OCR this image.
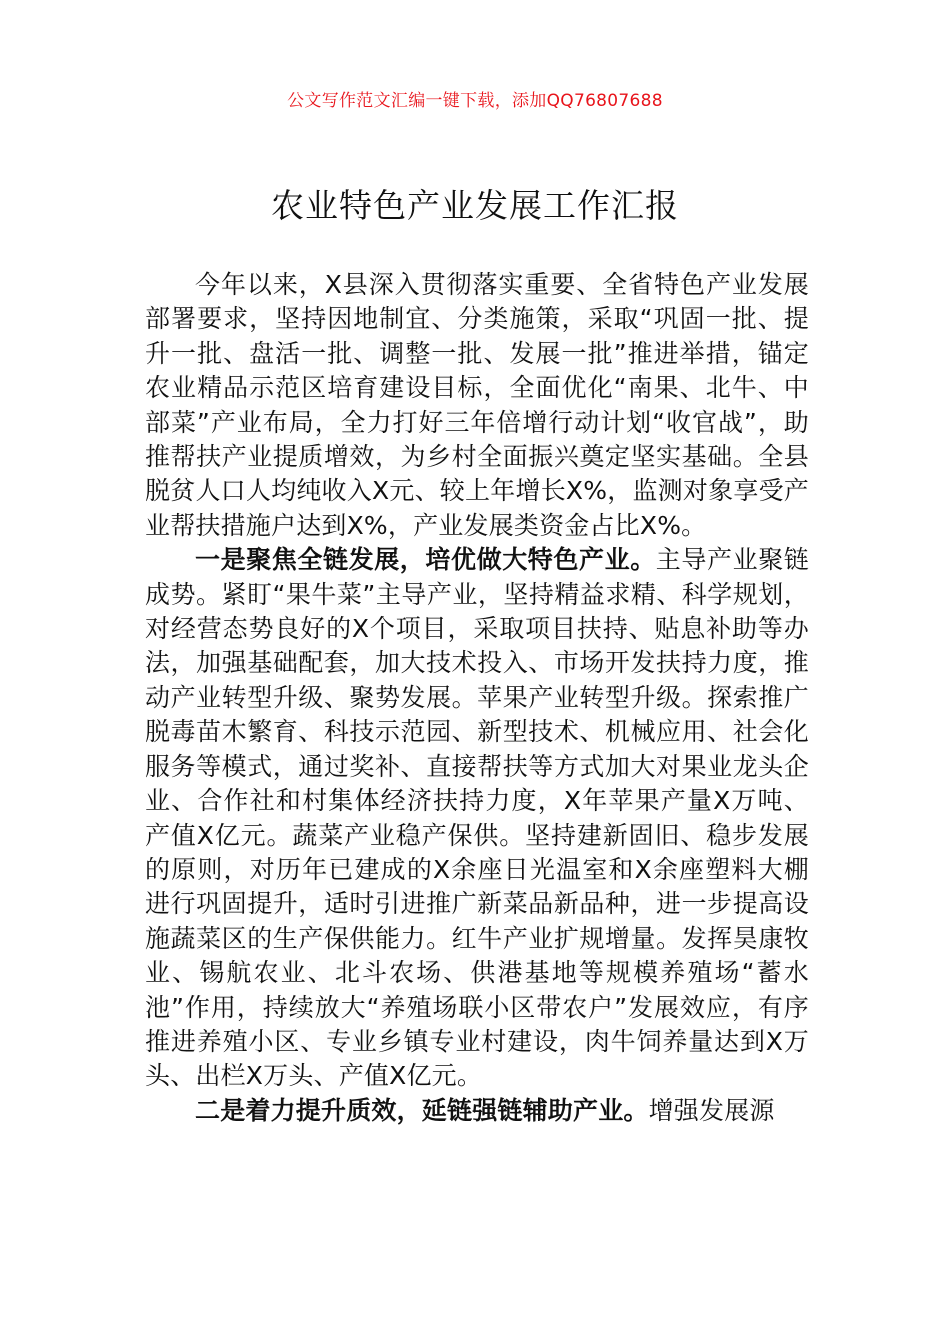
公文写作范文汇编一键下载，添加QQ76807688
农业特色产业发展工作汇报

今年以来，X县深入贯彻落实重要、全省特色产业发展部署要求，坚持因地制宜、分类施策，采取“巩固一批、提升一批、盘活一批、调整一批、发展一批”推进举措，锚定农业精品示范区培育建设目标，全面优化“南果、北牛、中部菜”产业布局，全力打好三年倍增行动计划“收官战”，助推帮扶产业提质增效，为乡村全面振兴奠定坚实基础。全县脱贫人口人均纯收入X元、较上年增长X%，监测对象享受产业帮扶措施户达到X%，产业发展类资金占比X%。

一是聚焦全链发展，培优做大特色产业。主导产业聚链成势。紧盯“果牛菜”主导产业，坚持精益求精、科学规划，对经营态势良好的X个项目，采取项目扶持、贴息补助等办法，加强基础配套，加大技术投入、市场开发扶持力度，推动产业转型升级、聚势发展。苹果产业转型升级。探索推广脱毒苗木繁育、科技示范园、新型技术、机械应用、社会化服务等模式，通过奖补、直接帮扶等方式加大对果业龙头企业、合作社和村集体经济扶持力度，X年苹果产量X万吨、产值X亿元。蔬菜产业稳产保供。坚持建新固旧、稳步发展的原则，对历年已建成的X余座日光温室和X余座塑料大棚进行巩固提升，适时引进推广新菜品新品种，进一步提高设施蔬菜区的生产保供能力。红牛产业扩规增量。发挥昊康牧业、锡航农业、北斗农场、供港基地等规模养殖场“蓄水池”作用，持续放大“养殖场联小区带农户”发展效应，有序推进养殖小区、专业乡镇专业村建设，肉牛饲养量达到X万头、出栏X万头、产值X亿元。

二是着力提升质效，延链强链辅助产业。增强发展源
